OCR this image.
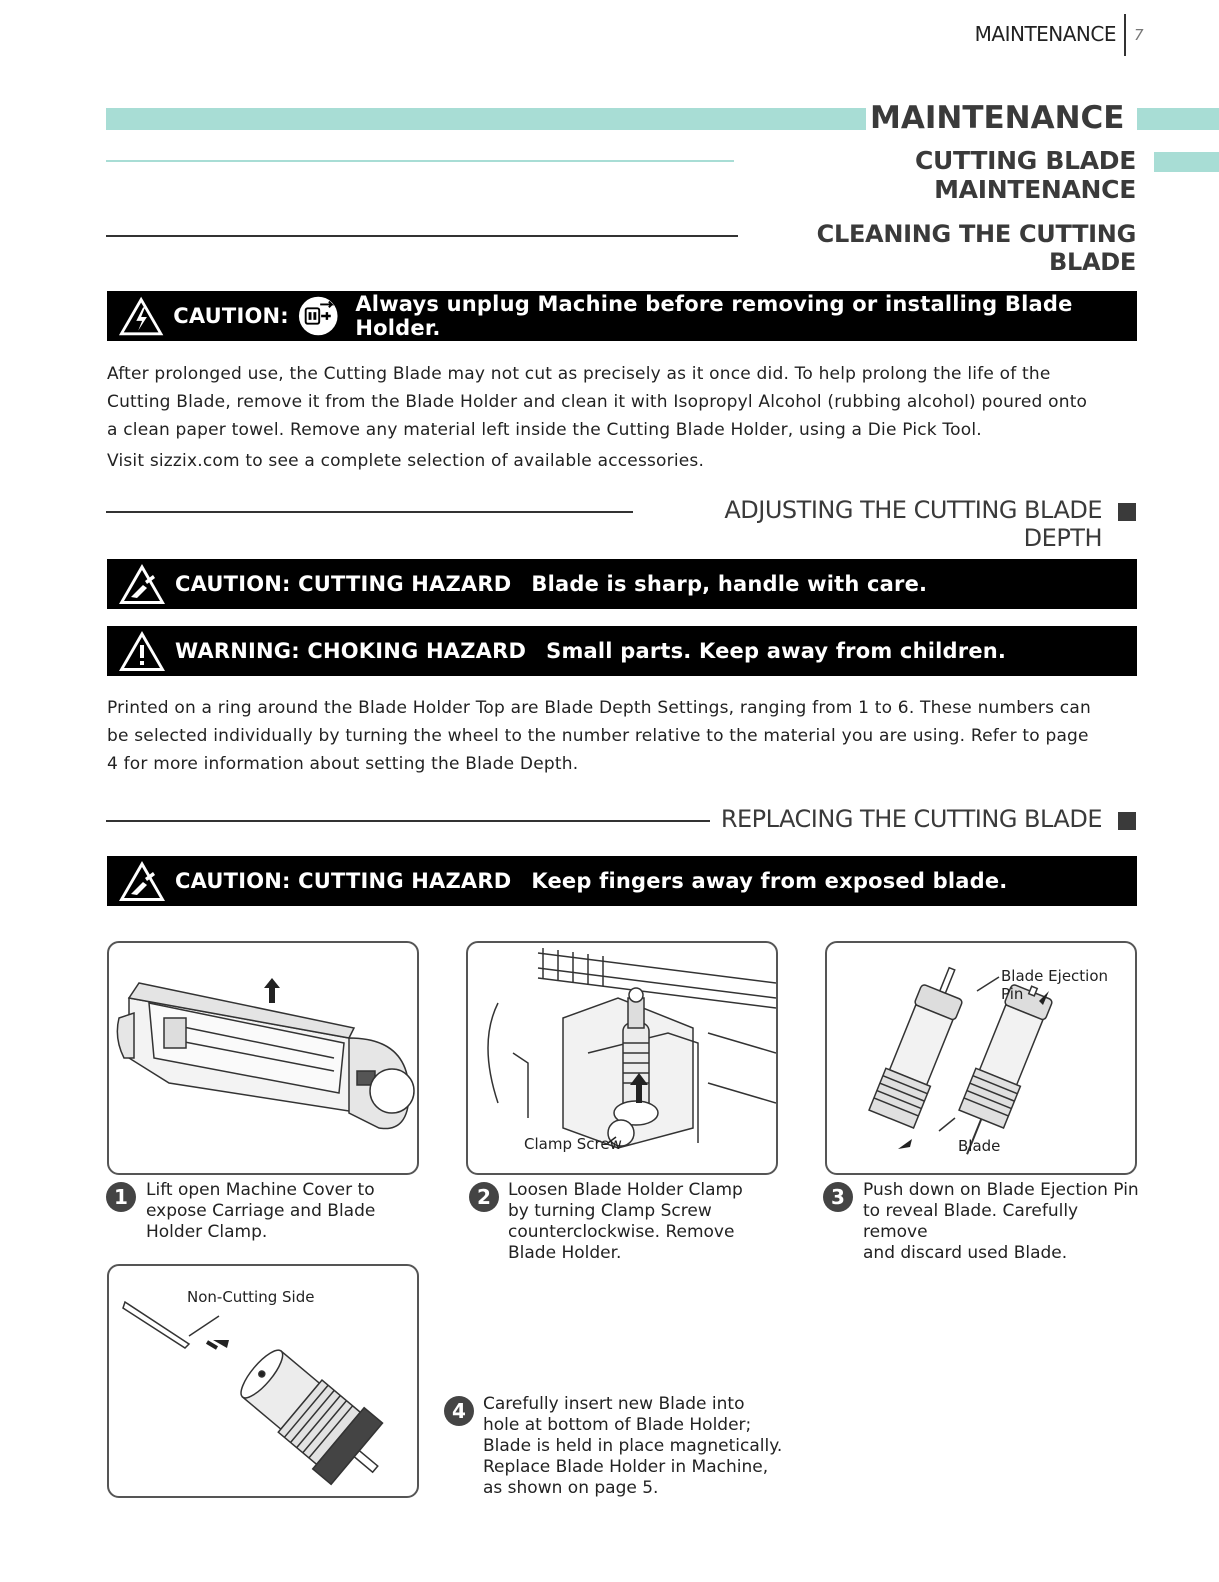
MAINTENANCE 7
MAINTENANCE
CUTTING BLADE MAINTENANCE
CLEANING THE CUTTING BLADE
CAUTION:	Always unplug Machine before removing or installing Blade Holder.
After prolonged use, the Cutting Blade may not cut as precisely as it once did. To help prolong the life of the Cutting Blade, remove it from the Blade Holder and clean it with Isopropyl Alcohol (rubbing alcohol) poured onto a clean paper towel. Remove any material left inside the Cutting Blade Holder, using a Die Pick Tool.
Visit sizzix.com to see a complete selection of available accessories.
ADJUSTING THE CUTTING BLADE DEPTH
CAUTION: CUTTING HAZARD Blade is sharp, handle with care.
WARNING: CHOKING HAZARD Small parts. Keep away from children.
Printed on a ring around the Blade Holder Top are Blade Depth Settings, ranging from 1 to 6. These numbers can be selected individually by turning the wheel to the number relative to the material you are using. Refer to page 4 for more information about setting the Blade Depth.
REPLACING THE CUTTING BLADE
CAUTION: CUTTING HAZARD Keep fingers away from exposed blade.
1	Lift open Machine Cover to
expose Carriage and Blade
Holder Clamp.
Clamp Screw
2	Loosen Blade Holder Clamp
by turning Clamp Screw
counterclockwise. Remove
Blade Holder.
Blade Ejection Pin
Blade
3	Push down on Blade Ejection Pin
to reveal Blade. Carefully remove
and discard used Blade.
Non-Cutting Side
4	Carefully insert new Blade into
hole at bottom of Blade Holder;
Blade is held in place magnetically.
Replace Blade Holder in Machine,
as shown on page 5.
